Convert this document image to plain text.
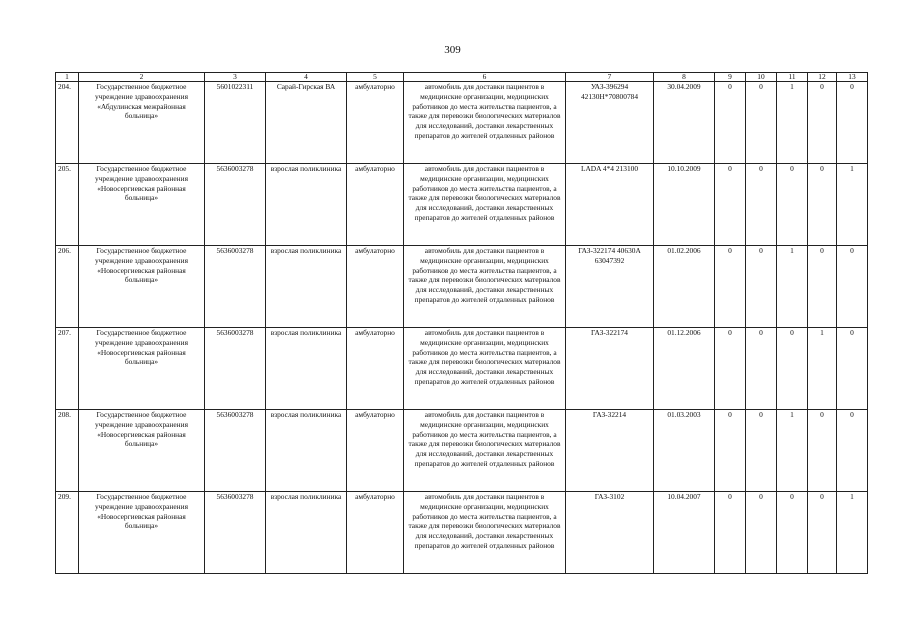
309
1	2	3	4	5	6	7	8	9	10	11	12	13
204.	Государственное бюджетное учреждение здравоохранения «Абдулинская межрайонная больница»	5601022311	Сарай-Гирская ВА	амбулаторно	автомобиль для доставки пациентов в медицинские организации, медицинских работников до места жительства пациентов, а также для перевозки биологических материалов для исследований, доставки лекарственных препаратов до жителей отдаленных районов	УАЗ-396294 42130Н*70800784	30.04.2009	0	0	1	0	0
205.	Государственное бюджетное учреждение здравоохранения «Новосергиевская районная больница»	5636003278	взрослая поликлиника	амбулаторно	автомобиль для доставки пациентов в медицинские организации, медицинских работников до места жительства пациентов, а также для перевозки биологических материалов для исследований, доставки лекарственных препаратов до жителей отдаленных районов	LADA 4*4 213100	10.10.2009	0	0	0	0	1
206.	Государственное бюджетное учреждение здравоохранения «Новосергиевская районная больница»	5636003278	взрослая поликлиника	амбулаторно	автомобиль для доставки пациентов в медицинские организации, медицинских работников до места жительства пациентов, а также для перевозки биологических материалов для исследований, доставки лекарственных препаратов до жителей отдаленных районов	ГАЗ-322174 40630А 63047392	01.02.2006	0	0	1	0	0
207.	Государственное бюджетное учреждение здравоохранения «Новосергиевская районная больница»	5636003278	взрослая поликлиника	амбулаторно	автомобиль для доставки пациентов в медицинские организации, медицинских работников до места жительства пациентов, а также для перевозки биологических материалов для исследований, доставки лекарственных препаратов до жителей отдаленных районов	ГАЗ-322174	01.12.2006	0	0	0	1	0
208.	Государственное бюджетное учреждение здравоохранения «Новосергиевская районная больница»	5636003278	взрослая поликлиника	амбулаторно	автомобиль для доставки пациентов в медицинские организации, медицинских работников до места жительства пациентов, а также для перевозки биологических материалов для исследований, доставки лекарственных препаратов до жителей отдаленных районов	ГАЗ-32214	01.03.2003	0	0	1	0	0
209.	Государственное бюджетное учреждение здравоохранения «Новосергиевская районная больница»	5636003278	взрослая поликлиника	амбулаторно	автомобиль для доставки пациентов в медицинские организации, медицинских работников до места жительства пациентов, а также для перевозки биологических материалов для исследований, доставки лекарственных препаратов до жителей отдаленных районов	ГАЗ-3102	10.04.2007	0	0	0	0	1
